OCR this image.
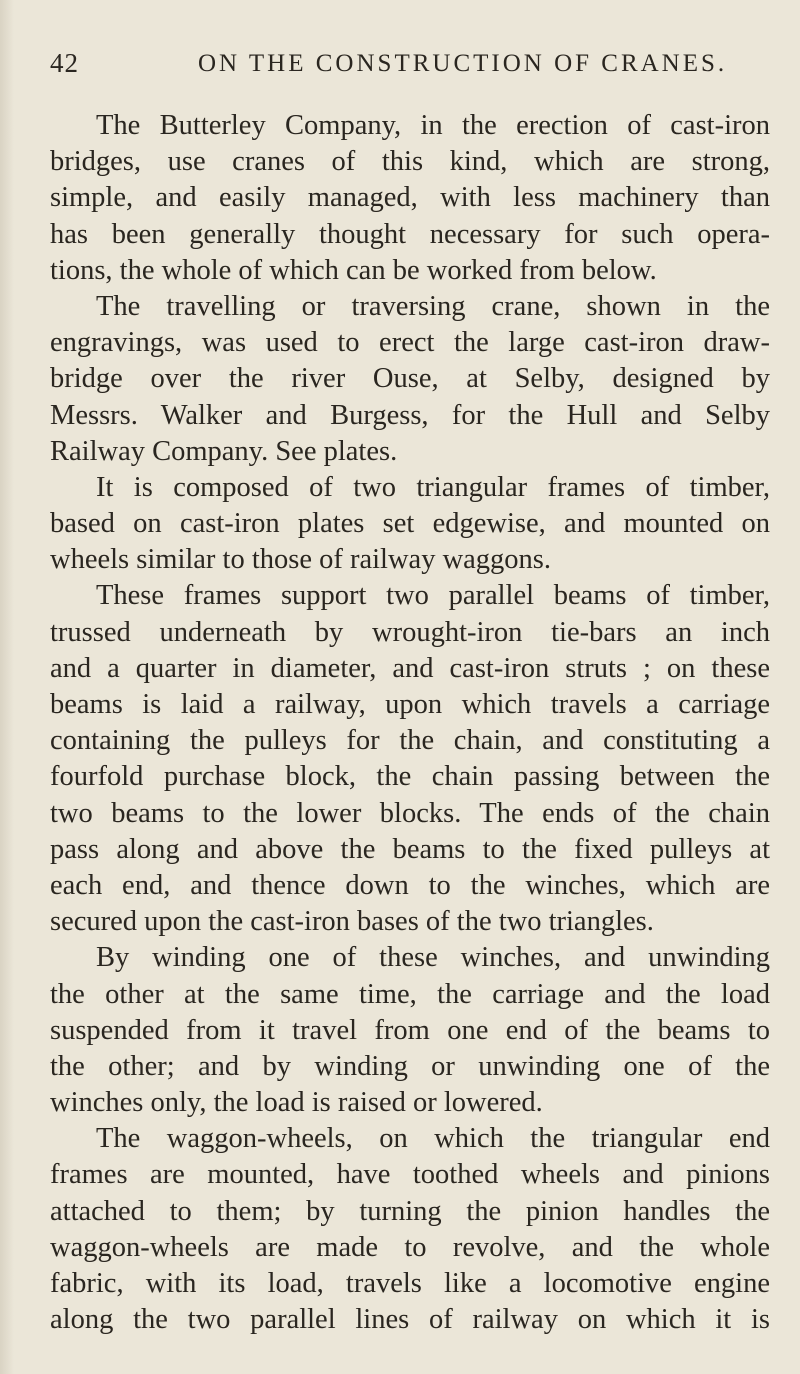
42	ON THE CONSTRUCTION OF CRANES.
The Butterley Company, in the erection of cast-iron
bridges, use cranes of this kind, which are strong,
simple, and easily managed, with less machinery than
has been generally thought necessary for such opera-
tions, the whole of which can be worked from below.
The travelling or traversing crane, shown in the
engravings, was used to erect the large cast-iron draw-
bridge over the river Ouse, at Selby, designed by
Messrs. Walker and Burgess, for the Hull and Selby
Railway Company. See plates.
It is composed of two triangular frames of timber,
based on cast-iron plates set edgewise, and mounted on
wheels similar to those of railway waggons.
These frames support two parallel beams of timber,
trussed underneath by wrought-iron tie-bars an inch
and a quarter in diameter, and cast-iron struts ; on these
beams is laid a railway, upon which travels a carriage
containing the pulleys for the chain, and constituting a
fourfold purchase block, the chain passing between the
two beams to the lower blocks. The ends of the chain
pass along and above the beams to the fixed pulleys at
each end, and thence down to the winches, which are
secured upon the cast-iron bases of the two triangles.
By winding one of these winches, and unwinding
the other at the same time, the carriage and the load
suspended from it travel from one end of the beams to
the other; and by winding or unwinding one of the
winches only, the load is raised or lowered.
The waggon-wheels, on which the triangular end
frames are mounted, have toothed wheels and pinions
attached to them; by turning the pinion handles the
waggon-wheels are made to revolve, and the whole
fabric, with its load, travels like a locomotive engine
along the two parallel lines of railway on which it is
